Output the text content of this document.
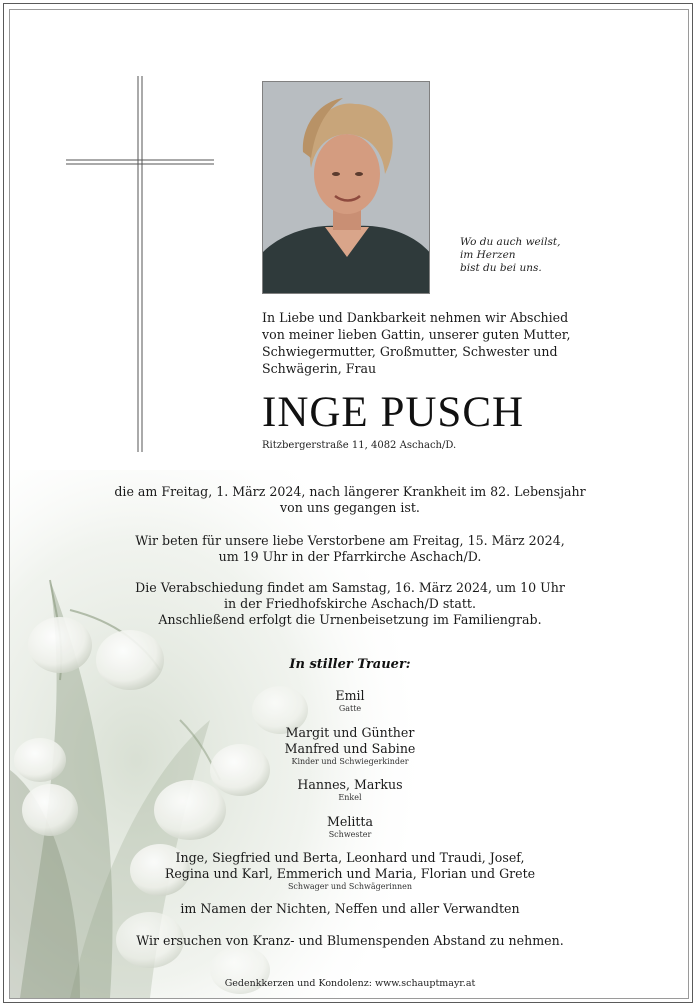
Wo du auch weilst,
im Herzen
bist du bei uns.
In Liebe und Dankbarkeit nehmen wir Abschied
von meiner lieben Gattin, unserer guten Mutter,
Schwiegermutter, Großmutter, Schwester und
Schwägerin, Frau
INGE PUSCH
Ritzbergerstraße 11, 4082 Aschach/D.
die am Freitag, 1. März 2024, nach längerer Krankheit im 82. Lebensjahr
von uns gegangen ist.
Wir beten für unsere liebe Verstorbene am Freitag, 15. März 2024,
um 19 Uhr in der Pfarrkirche Aschach/D.
Die Verabschiedung findet am Samstag, 16. März 2024, um 10 Uhr
in der Friedhofskirche Aschach/D statt.
Anschließend erfolgt die Urnenbeisetzung im Familiengrab.
In stiller Trauer:
Emil
Gatte
Margit und Günther
Manfred und Sabine
Kinder und Schwiegerkinder
Hannes, Markus
Enkel
Melitta
Schwester
Inge, Siegfried und Berta, Leonhard und Traudi, Josef,
Regina und Karl, Emmerich und Maria, Florian und Grete
Schwager und Schwägerinnen
im Namen der Nichten, Neffen und aller Verwandten
Wir ersuchen von Kranz- und Blumenspenden Abstand zu nehmen.
Gedenkkerzen und Kondolenz: www.schauptmayr.at
